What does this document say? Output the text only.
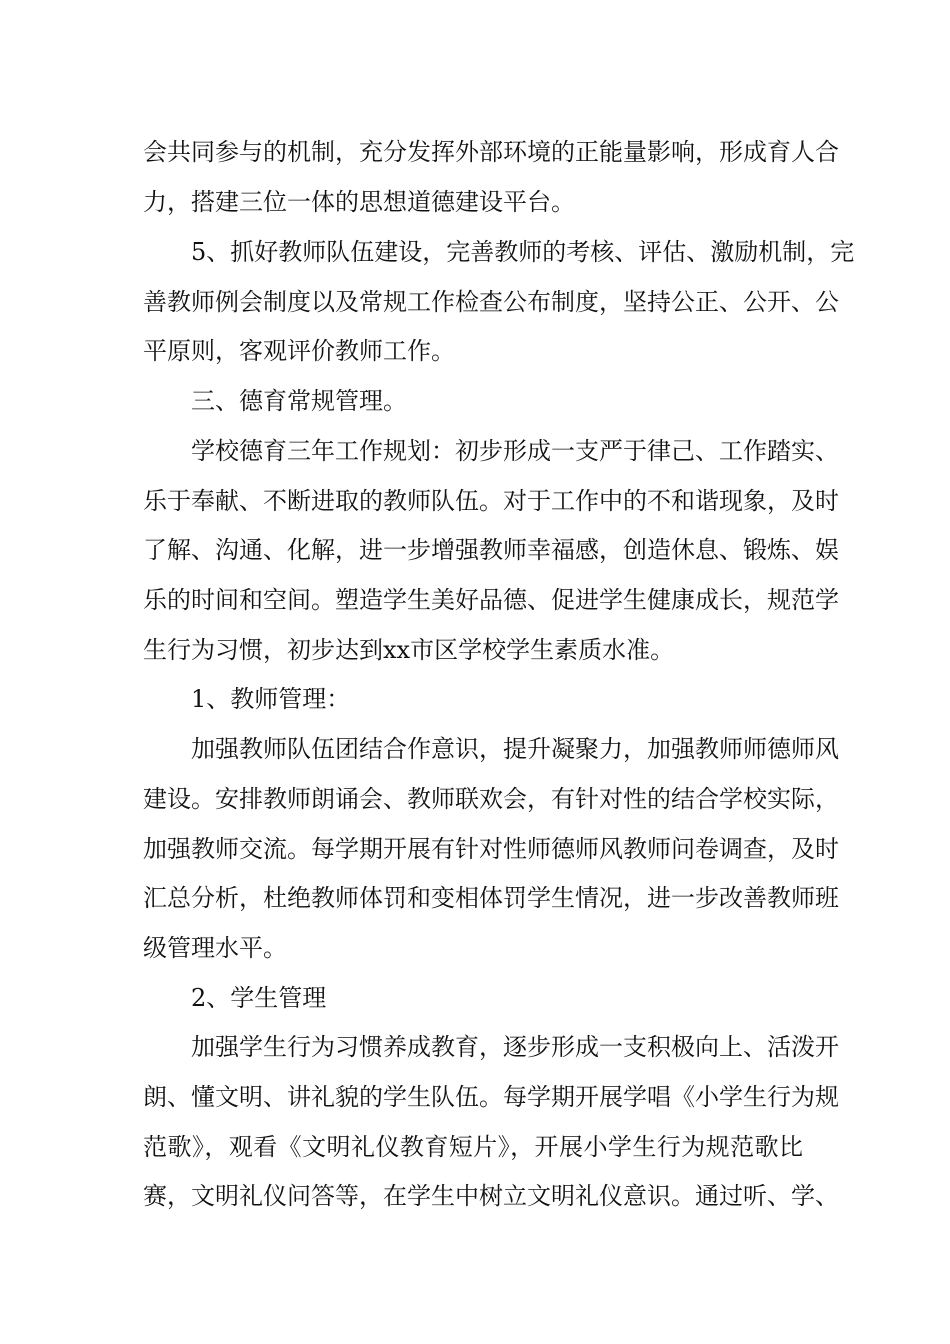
会共同参与的机制，充分发挥外部环境的正能量影响，形成育人合
力，搭建三位一体的思想道德建设平台。
5、抓好教师队伍建设，完善教师的考核、评估、激励机制，完
善教师例会制度以及常规工作检查公布制度，坚持公正、公开、公
平原则，客观评价教师工作。
三、德育常规管理。
学校德育三年工作规划：初步形成一支严于律己、工作踏实、
乐于奉献、不断进取的教师队伍。对于工作中的不和谐现象，及时
了解、沟通、化解，进一步增强教师幸福感，创造休息、锻炼、娱
乐的时间和空间。塑造学生美好品德、促进学生健康成长，规范学
生行为习惯，初步达到xx市区学校学生素质水准。
1、教师管理：
加强教师队伍团结合作意识，提升凝聚力，加强教师师德师风
建设。安排教师朗诵会、教师联欢会，有针对性的结合学校实际，
加强教师交流。每学期开展有针对性师德师风教师问卷调查，及时
汇总分析，杜绝教师体罚和变相体罚学生情况，进一步改善教师班
级管理水平。
2、学生管理
加强学生行为习惯养成教育，逐步形成一支积极向上、活泼开
朗、懂文明、讲礼貌的学生队伍。每学期开展学唱《小学生行为规
范歌》，观看《文明礼仪教育短片》，开展小学生行为规范歌比
赛，文明礼仪问答等，在学生中树立文明礼仪意识。通过听、学、
